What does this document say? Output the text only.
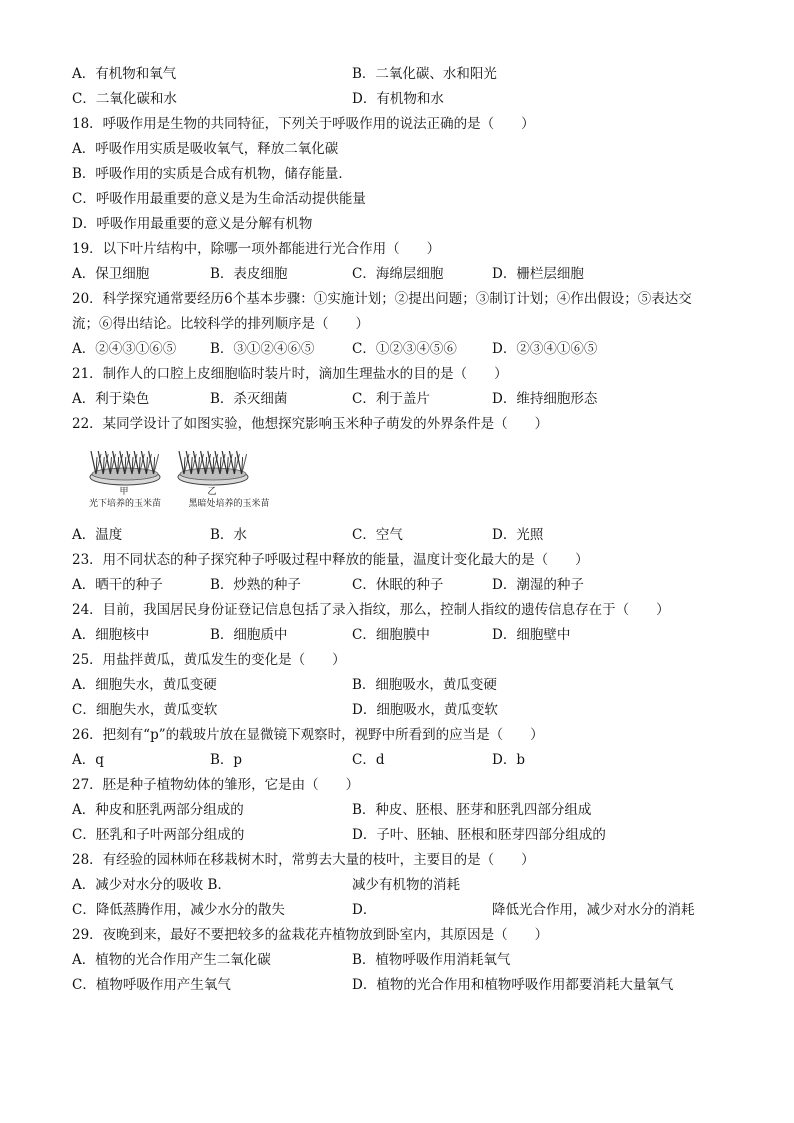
A．有机物和氧气	B．二氧化碳、水和阳光
C．二氧化碳和水	D．有机物和水
18．呼吸作用是生物的共同特征，下列关于呼吸作用的说法正确的是（　　）
A．呼吸作用实质是吸收氧气，释放二氧化碳
B．呼吸作用的实质是合成有机物，储存能量．
C．呼吸作用最重要的意义是为生命活动提供能量
D．呼吸作用最重要的意义是分解有机物
19．以下叶片结构中，除哪一项外都能进行光合作用（　　）
A．保卫细胞	B．表皮细胞	C．海绵层细胞	D．栅栏层细胞
20．科学探究通常要经历6个基本步骤：①实施计划；②提出问题；③制订计划；④作出假设；⑤表达交
流；⑥得出结论。比较科学的排列顺序是（　　）
A．②④③①⑥⑤	B．③①②④⑥⑤	C．①②③④⑤⑥	D．②③④①⑥⑤
21．制作人的口腔上皮细胞临时装片时，滴加生理盐水的目的是（　　）
A．利于染色	B．杀灭细菌	C．利于盖片	D．维持细胞形态
22．某同学设计了如图实验，他想探究影响玉米种子萌发的外界条件是（　　）
甲
光下培养的玉米苗
乙
黑暗处培养的玉米苗
A．温度	B．水	C．空气	D．光照
23．用不同状态的种子探究种子呼吸过程中释放的能量，温度计变化最大的是（　　）
A．晒干的种子	B．炒熟的种子	C．休眠的种子	D．潮湿的种子
24．目前，我国居民身份证登记信息包括了录入指纹，那么，控制人指纹的遗传信息存在于（　　）
A．细胞核中	B．细胞质中	C．细胞膜中	D．细胞壁中
25．用盐拌黄瓜，黄瓜发生的变化是（　　）
A．细胞失水，黄瓜变硬	B．细胞吸水，黄瓜变硬
C．细胞失水，黄瓜变软	D．细胞吸水，黄瓜变软
26．把刻有“p”的载玻片放在显微镜下观察时，视野中所看到的应当是（　　）
A．q	B．p	C．d	D．b
27．胚是种子植物幼体的雏形，它是由（　　）
A．种皮和胚乳两部分组成的	B．种皮、胚根、胚芽和胚乳四部分组成
C．胚乳和子叶两部分组成的	D．子叶、胚轴、胚根和胚芽四部分组成的
28．有经验的园林师在移栽树木时，常剪去大量的枝叶，主要目的是（　　）
A．减少对水分的吸收 B．	减少有机物的消耗
C．降低蒸腾作用，减少水分的散失	D．	降低光合作用，减少对水分的消耗
29．夜晚到来，最好不要把较多的盆栽花卉植物放到卧室内，其原因是（　　）
A．植物的光合作用产生二氧化碳	B．植物呼吸作用消耗氧气
C．植物呼吸作用产生氧气	D．植物的光合作用和植物呼吸作用都要消耗大量氧气
